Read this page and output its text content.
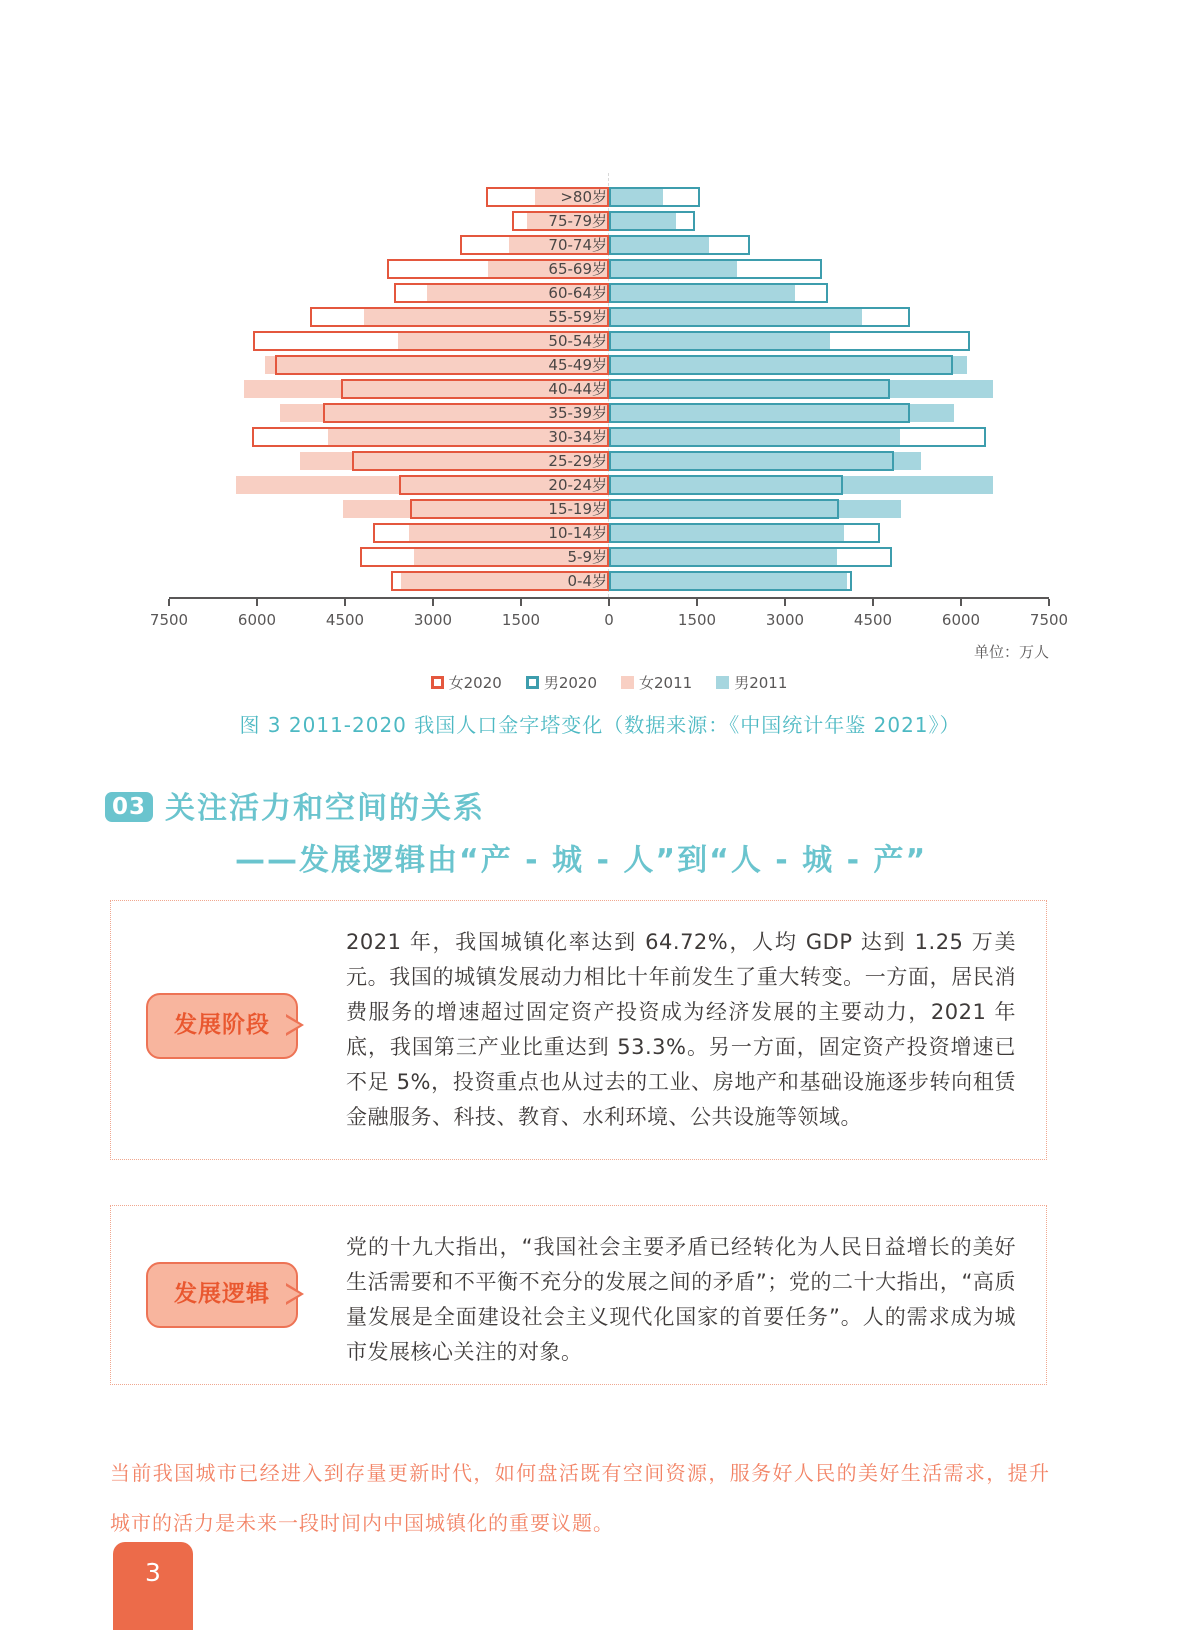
>80岁
75-79岁
70-74岁
65-69岁
60-64岁
55-59岁
50-54岁
45-49岁
40-44岁
35-39岁
30-34岁
25-29岁
20-24岁
15-19岁
10-14岁
5-9岁
0-4岁
7500	6000	4500	3000	1500	0	1500	3000	4500	6000	7500
单位：万人
女2020	男2020	女2011	男2011
图 3 2011-2020 我国人口金字塔变化（数据来源：《中国统计年鉴 2021》）
03 关注活力和空间的关系
——发展逻辑由“产 - 城 - 人”到“人 - 城 - 产”
发展阶段
2021 年，我国城镇化率达到 64.72%，人均 GDP 达到 1.25 万美元。我国的城镇发展动力相比十年前发生了重大转变。一方面，居民消费服务的增速超过固定资产投资成为经济发展的主要动力，2021 年底，我国第三产业比重达到 53.3%。另一方面，固定资产投资增速已不足 5%，投资重点也从过去的工业、房地产和基础设施逐步转向租赁金融服务、科技、教育、水利环境、公共设施等领域。
发展逻辑
党的十九大指出，“我国社会主要矛盾已经转化为人民日益增长的美好生活需要和不平衡不充分的发展之间的矛盾”；党的二十大指出，“高质量发展是全面建设社会主义现代化国家的首要任务”。人的需求成为城市发展核心关注的对象。

当前我国城市已经进入到存量更新时代，如何盘活既有空间资源，服务好人民的美好生活需求，提升城市的活力是未来一段时间内中国城镇化的重要议题。

3
